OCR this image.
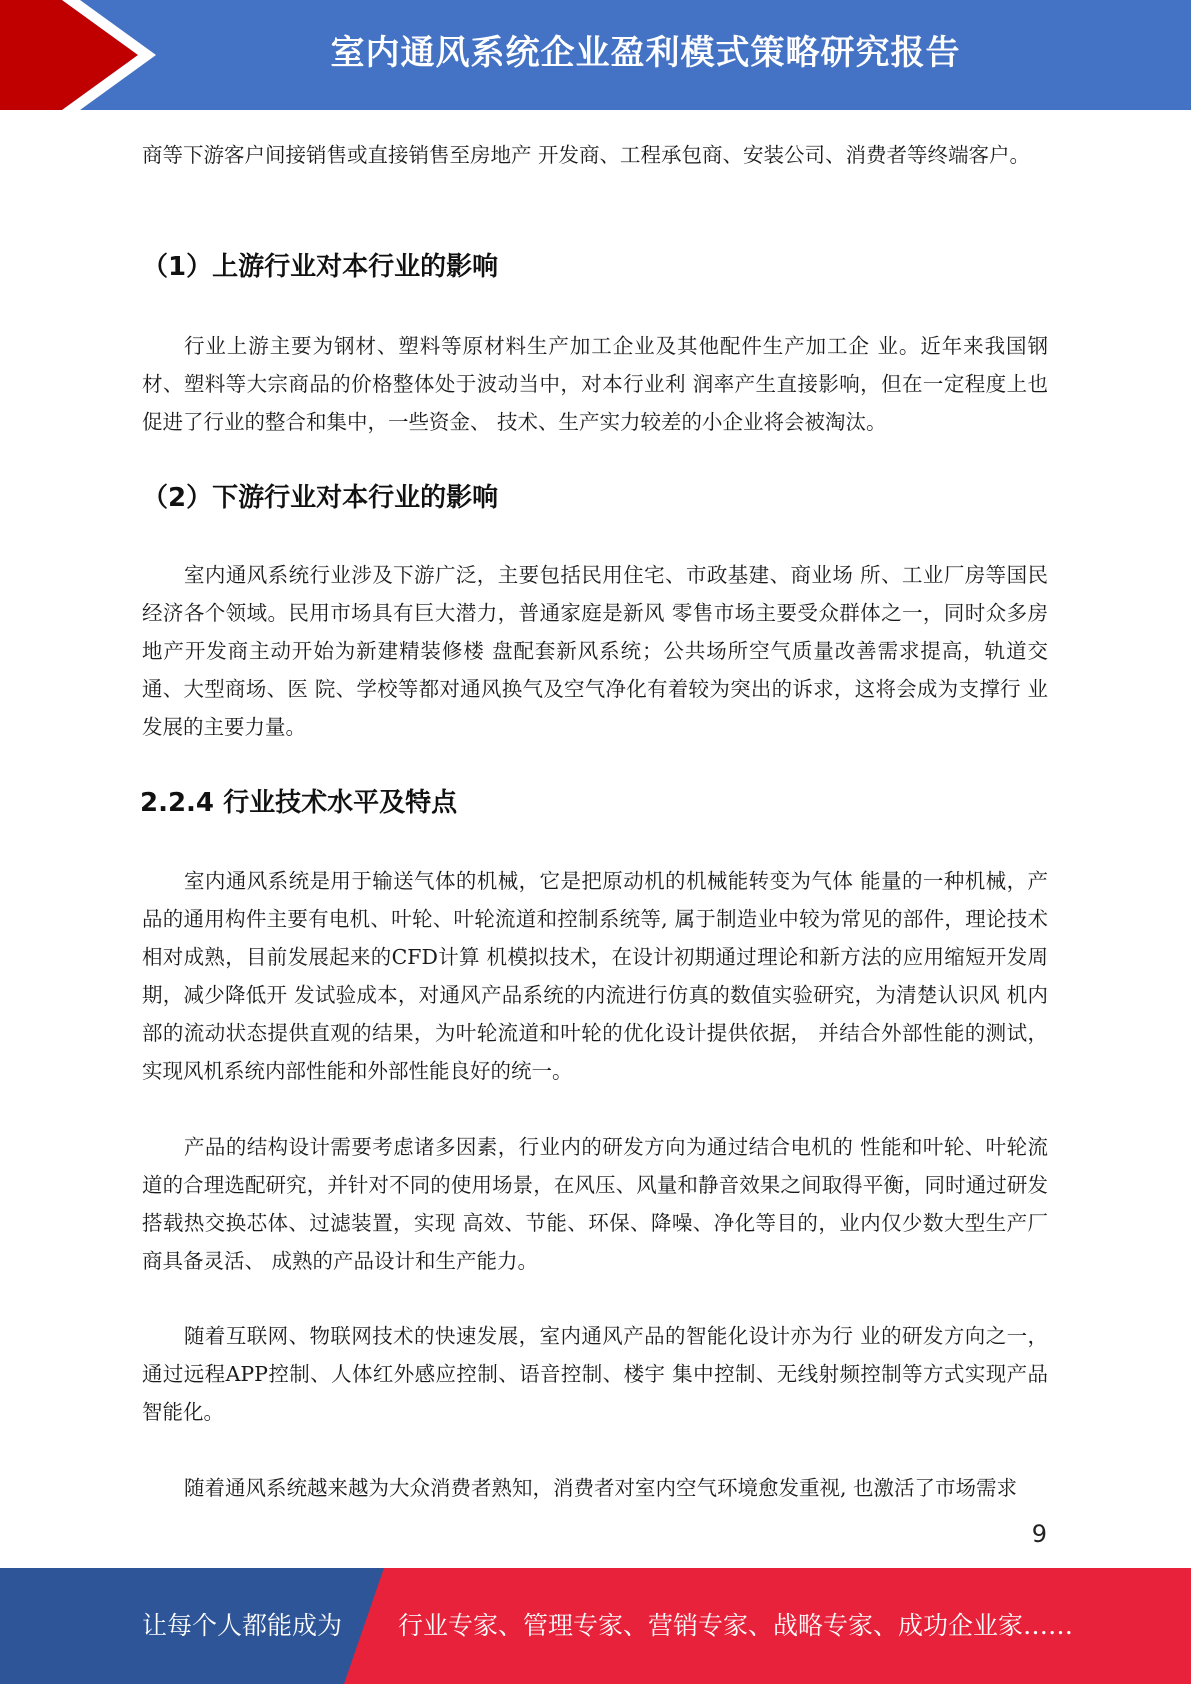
室内通风系统企业盈利模式策略研究报告

商等下游客户间接销售或直接销售至房地产 开发商、工程承包商、安装公司、消费者等终端客户。

（1）上游行业对本行业的影响

行业上游主要为钢材、塑料等原材料生产加工企业及其他配件生产加工企 业。近年来我国钢材、塑料等大宗商品的价格整体处于波动当中，对本行业利 润率产生直接影响，但在一定程度上也促进了行业的整合和集中，一些资金、 技术、生产实力较差的小企业将会被淘汰。

（2）下游行业对本行业的影响

室内通风系统行业涉及下游广泛，主要包括民用住宅、市政基建、商业场 所、工业厂房等国民经济各个领域。民用市场具有巨大潜力，普通家庭是新风 零售市场主要受众群体之一，同时众多房地产开发商主动开始为新建精装修楼 盘配套新风系统；公共场所空气质量改善需求提高，轨道交通、大型商场、医 院、学校等都对通风换气及空气净化有着较为突出的诉求，这将会成为支撑行 业发展的主要力量。

2.2.4 行业技术水平及特点

室内通风系统是用于输送气体的机械，它是把原动机的机械能转变为气体 能量的一种机械，产品的通用构件主要有电机、叶轮、叶轮流道和控制系统等, 属于制造业中较为常见的部件，理论技术相对成熟，目前发展起来的CFD计算 机模拟技术，在设计初期通过理论和新方法的应用缩短开发周期，减少降低开 发试验成本，对通风产品系统的内流进行仿真的数值实验研究，为清楚认识风 机内部的流动状态提供直观的结果，为叶轮流道和叶轮的优化设计提供依据， 并结合外部性能的测试，实现风机系统内部性能和外部性能良好的统一。

产品的结构设计需要考虑诸多因素，行业内的研发方向为通过结合电机的 性能和叶轮、叶轮流道的合理选配研究，并针对不同的使用场景，在风压、风量和静音效果之间取得平衡，同时通过研发搭载热交换芯体、过滤装置，实现 高效、节能、环保、降噪、净化等目的，业内仅少数大型生产厂商具备灵活、 成熟的产品设计和生产能力。

随着互联网、物联网技术的快速发展，室内通风产品的智能化设计亦为行 业的研发方向之一，通过远程APP控制、人体红外感应控制、语音控制、楼宇 集中控制、无线射频控制等方式实现产品智能化。

随着通风系统越来越为大众消费者熟知，消费者对室内空气环境愈发重视, 也激活了市场需求

9
让每个人都能成为 行业专家、管理专家、营销专家、战略专家、成功企业家……
